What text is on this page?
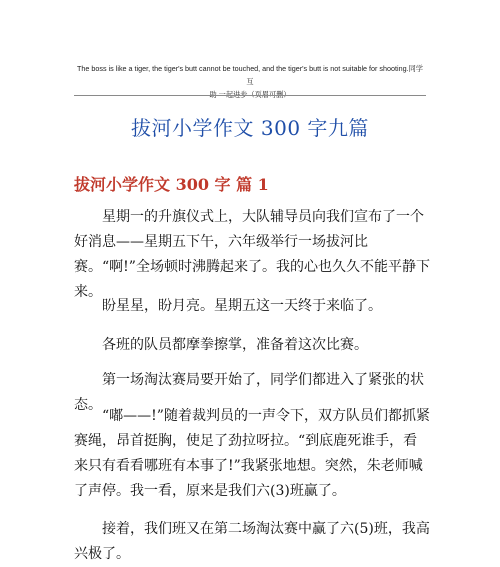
The boss is like a tiger, the tiger's butt cannot be touched, and the tiger's butt is not suitable for shooting.同学互
助 一起进步（页眉可删）
拔河小学作文 300 字九篇
拔河小学作文 300 字 篇 1
星期一的升旗仪式上，大队辅导员向我们宣布了一个好消息——星期五下午，六年级举行一场拔河比赛。“啊!”全场顿时沸腾起来了。我的心也久久不能平静下来。
盼星星，盼月亮。星期五这一天终于来临了。
各班的队员都摩拳擦掌，准备着这次比赛。
第一场淘汰赛局要开始了，同学们都进入了紧张的状态。
“嘟——!”随着裁判员的一声令下，双方队员们都抓紧赛绳，昂首挺胸，使足了劲拉呀拉。“到底鹿死谁手，看来只有看看哪班有本事了!”我紧张地想。突然，朱老师喊了声停。我一看，原来是我们六(3)班赢了。
接着，我们班又在第二场淘汰赛中赢了六(5)班，我高兴极了。
